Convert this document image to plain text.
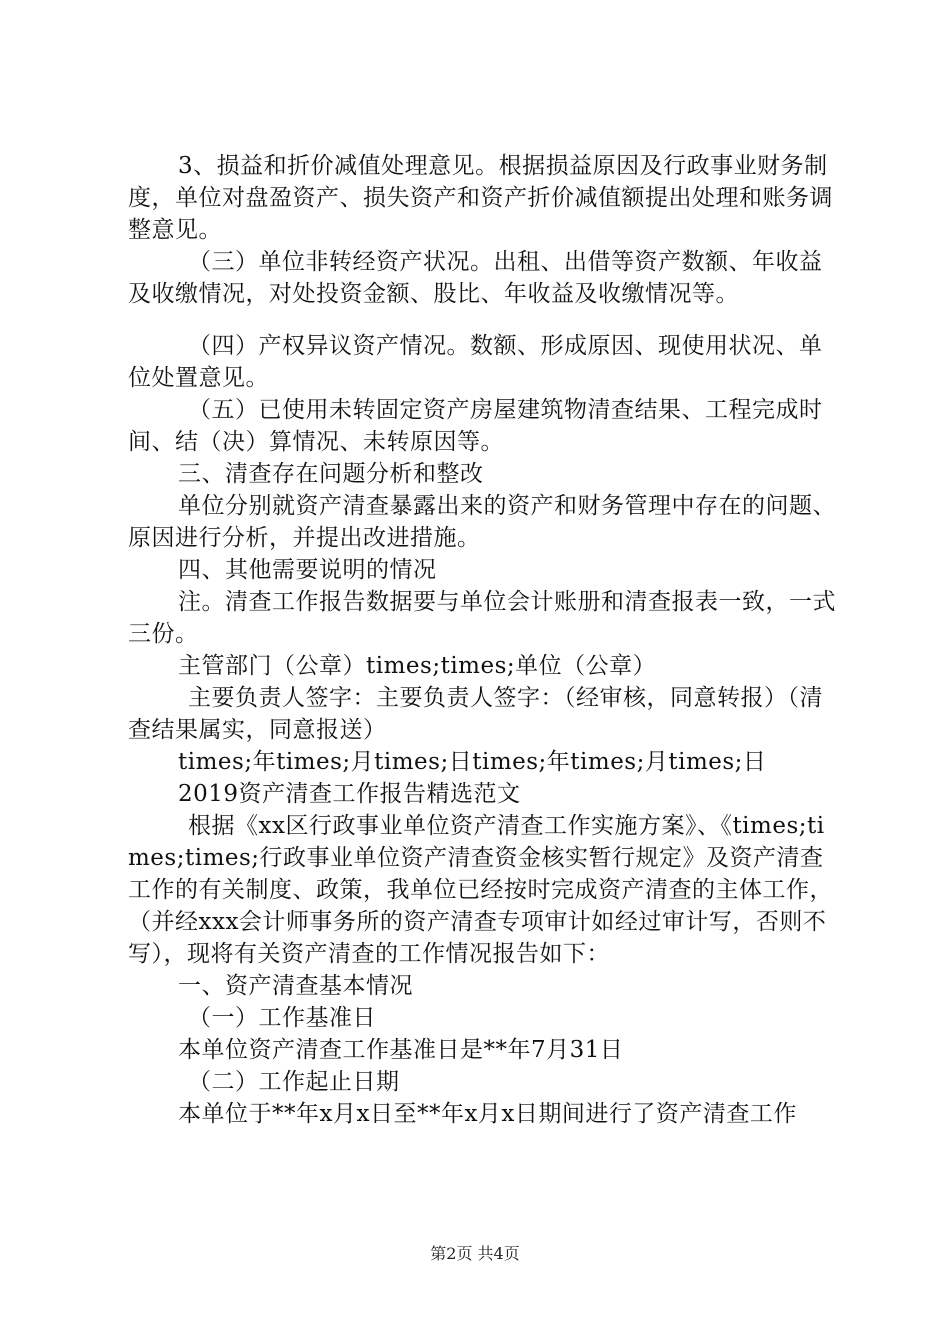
3、损益和折价减值处理意见。根据损益原因及行政事业财务制度，单位对盘盈资产、损失资产和资产折价减值额提出处理和账务调整意见。

（三）单位非转经资产状况。出租、出借等资产数额、年收益及收缴情况，对处投资金额、股比、年收益及收缴情况等。

（四）产权异议资产情况。数额、形成原因、现使用状况、单位处置意见。

（五）已使用未转固定资产房屋建筑物清查结果、工程完成时间、结（决）算情况、未转原因等。

三、清查存在问题分析和整改

单位分别就资产清查暴露出来的资产和财务管理中存在的问题、原因进行分析，并提出改进措施。

四、其他需要说明的情况

注。清查工作报告数据要与单位会计账册和清查报表一致，一式三份。

主管部门（公章）times;times;单位（公章）

主要负责人签字：主要负责人签字：（经审核，同意转报）（清查结果属实，同意报送）

times;年times;月times;日times;年times;月times;日

2019资产清查工作报告精选范文

根据《xx区行政事业单位资产清查工作实施方案》、《times;times;times;行政事业单位资产清查资金核实暂行规定》及资产清查工作的有关制度、政策，我单位已经按时完成资产清查的主体工作，（并经xxx会计师事务所的资产清查专项审计如经过审计写，否则不写），现将有关资产清查的工作情况报告如下：

一、资产清查基本情况

（一）工作基准日

本单位资产清查工作基准日是**年7月31日

（二）工作起止日期

本单位于**年x月x日至**年x月x日期间进行了资产清查工作

第2页 共4页
